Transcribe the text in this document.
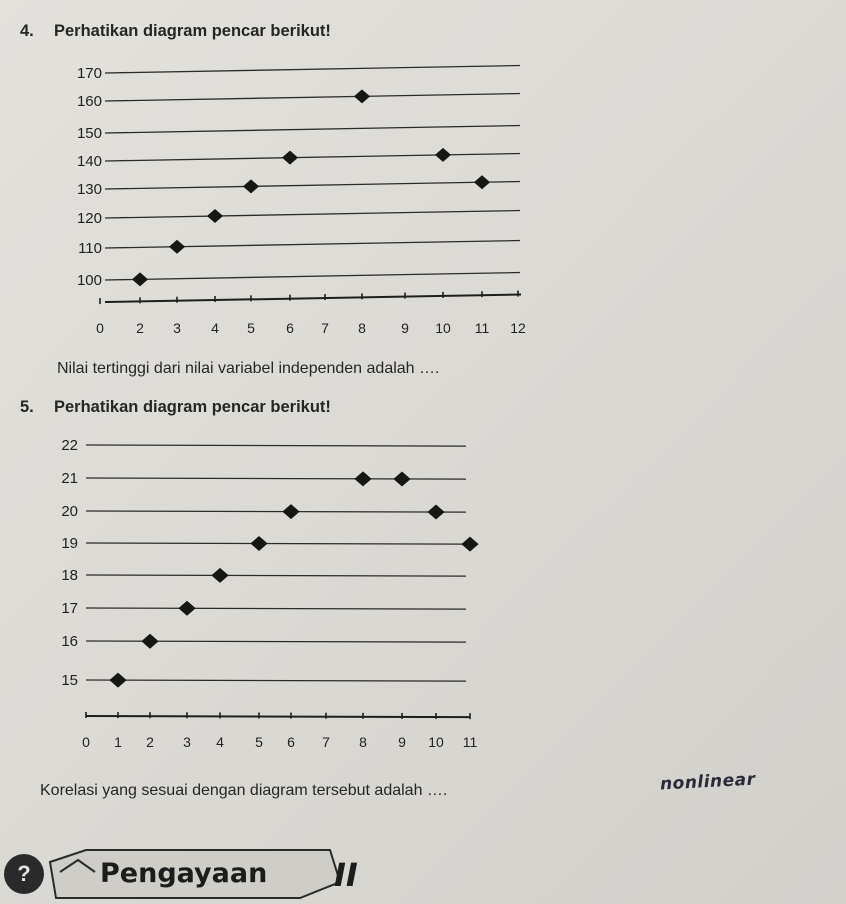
4. Perhatikan diagram pencar berikut!
100
110
120
130
140
150
160
170
0 2 3 4 5 6 7 8	9 10 11 12
Nilai tertinggi dari nilai variabel independen adalah ….
5. Perhatikan diagram pencar berikut!
15
16
17
18
19
20
21
22
0 1 2 3 4 5 6 7 8 9 10 11
Korelasi yang sesuai dengan diagram tersebut adalah ….	nonlinear
?	Pengayaan II
